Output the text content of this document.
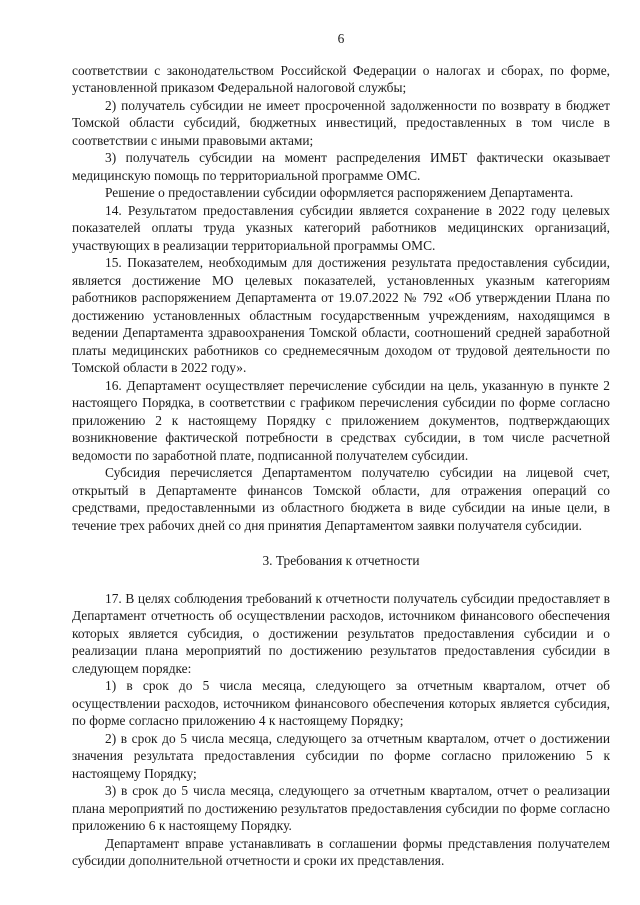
6

соответствии с законодательством Российской Федерации о налогах и сборах, по форме, установленной приказом Федеральной налоговой службы;

2) получатель субсидии не имеет просроченной задолженности по возврату в бюджет Томской области субсидий, бюджетных инвестиций, предоставленных в том числе в соответствии с иными правовыми актами;

3) получатель субсидии на момент распределения ИМБТ фактически оказывает медицинскую помощь по территориальной программе ОМС.

Решение о предоставлении субсидии оформляется распоряжением Департамента.

14. Результатом предоставления субсидии является сохранение в 2022 году целевых показателей оплаты труда указных категорий работников медицинских организаций, участвующих в реализации территориальной программы ОМС.

15. Показателем, необходимым для достижения результата предоставления субсидии, является достижение МО целевых показателей, установленных указным категориям работников распоряжением Департамента от 19.07.2022 № 792 «Об утверждении Плана по достижению установленных областным государственным учреждениям, находящимся в ведении Департамента здравоохранения Томской области, соотношений средней заработной платы медицинских работников со среднемесячным доходом от трудовой деятельности по Томской области в 2022 году».

16. Департамент осуществляет перечисление субсидии на цель, указанную в пункте 2 настоящего Порядка, в соответствии с графиком перечисления субсидии по форме согласно приложению 2 к настоящему Порядку с приложением документов, подтверждающих возникновение фактической потребности в средствах субсидии, в том числе расчетной ведомости по заработной плате, подписанной получателем субсидии.

Субсидия перечисляется Департаментом получателю субсидии на лицевой счет, открытый в Департаменте финансов Томской области, для отражения операций со средствами, предоставленными из областного бюджета в виде субсидии на иные цели, в течение трех рабочих дней со дня принятия Департаментом заявки получателя субсидии.

3. Требования к отчетности

17. В целях соблюдения требований к отчетности получатель субсидии предоставляет в Департамент отчетность об осуществлении расходов, источником финансового обеспечения которых является субсидия, о достижении результатов предоставления субсидии и о реализации плана мероприятий по достижению результатов предоставления субсидии в следующем порядке:

1) в срок до 5 числа месяца, следующего за отчетным кварталом, отчет об осуществлении расходов, источником финансового обеспечения которых является субсидия, по форме согласно приложению 4 к настоящему Порядку;

2) в срок до 5 числа месяца, следующего за отчетным кварталом, отчет о достижении значения результата предоставления субсидии по форме согласно приложению 5 к настоящему Порядку;

3) в срок до 5 числа месяца, следующего за отчетным кварталом, отчет о реализации плана мероприятий по достижению результатов предоставления субсидии по форме согласно приложению 6 к настоящему Порядку.

Департамент вправе устанавливать в соглашении формы представления получателем субсидии дополнительной отчетности и сроки их представления.
